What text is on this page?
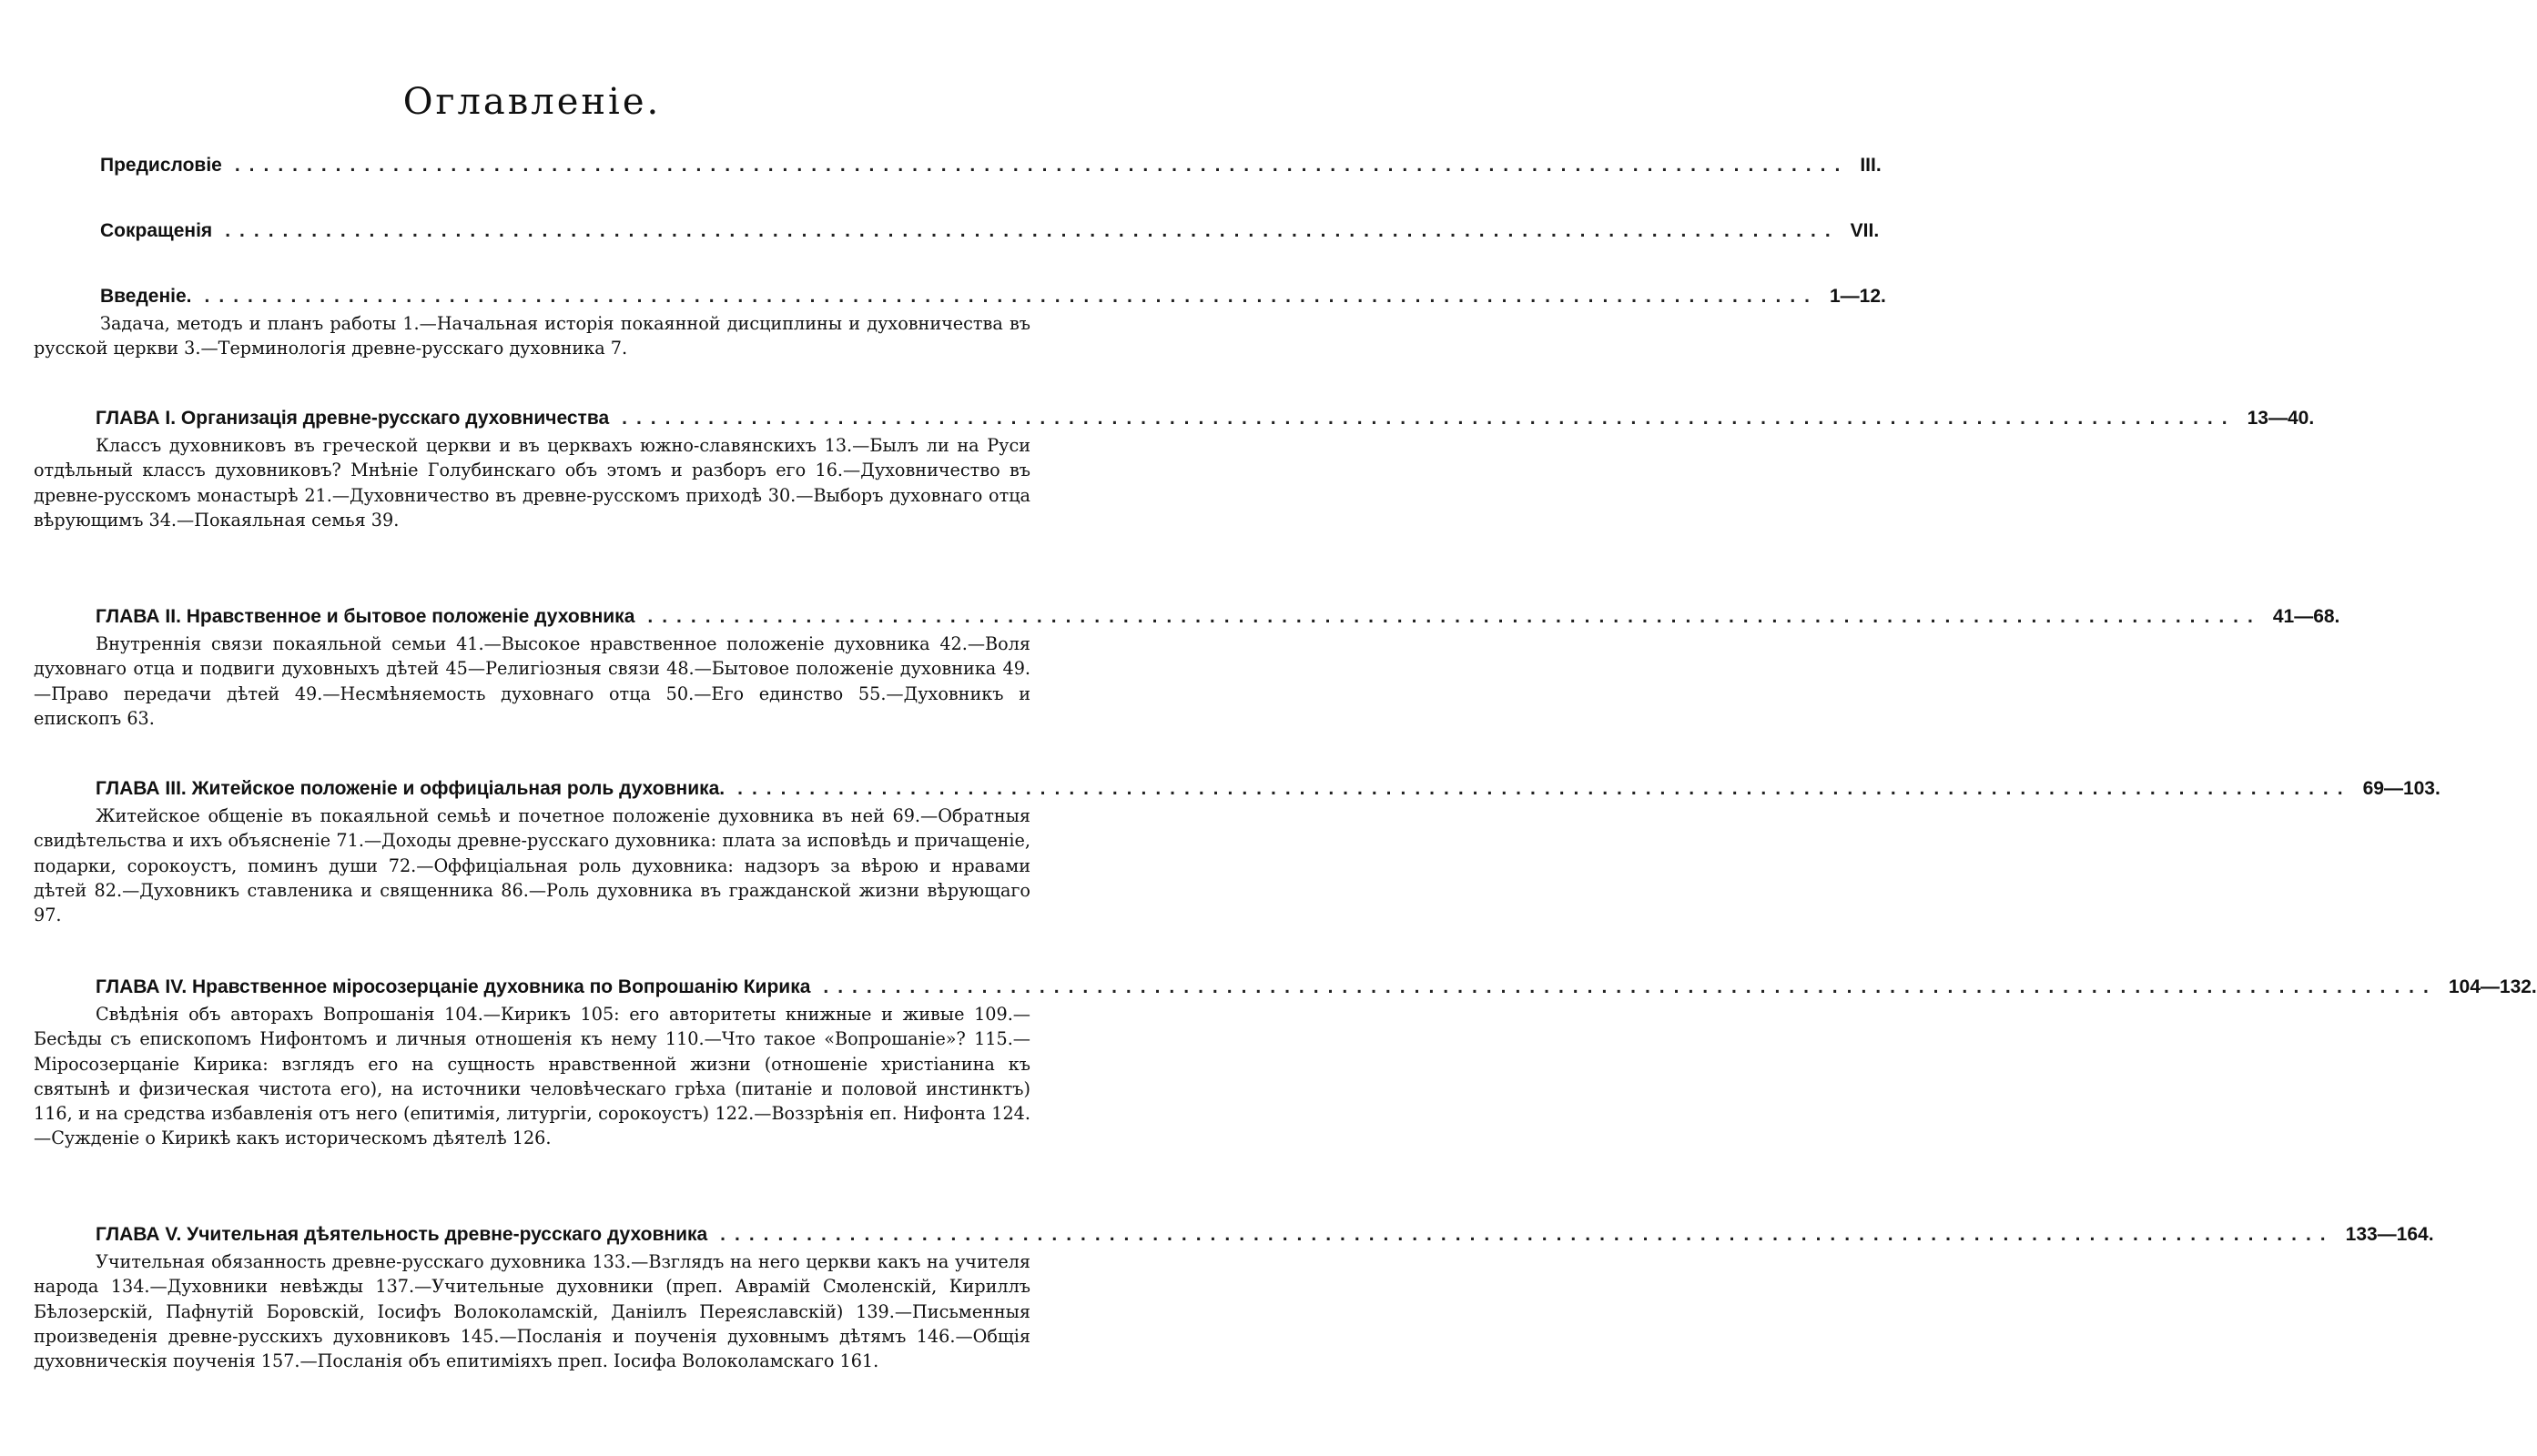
Оглавленіе.
Предисловіе ................................................................................................................ III.
Сокращенія ................................................................................................................ VII.
Введеніе. ................................................................................................................ 1—12.
Задача, методъ и планъ работы 1.—Начальная исторія покаянной дисциплины и духовничества въ русской церкви 3.—Терминологія древне-русскаго духовника 7.
ГЛАВА I. Организація древне-русскаго духовничества ................................................................................................................ 13—40.
Классъ духовниковъ въ греческой церкви и въ церквахъ южно-славянскихъ 13.—Былъ ли на Руси отдѣльный классъ духовниковъ? Мнѣніе Голубинскаго объ этомъ и разборъ его 16.—Духовничество въ древне-русскомъ монастырѣ 21.—Духовничество въ древне-русскомъ приходѣ 30.—Выборъ духовнаго отца вѣрующимъ 34.—Покаяльная семья 39.
ГЛАВА II. Нравственное и бытовое положеніе духовника ................................................................................................................ 41—68.
Внутреннія связи покаяльной семьи 41.—Высокое нравственное положеніе духовника 42.—Воля духовнаго отца и подвиги духовныхъ дѣтей 45—Религіозныя связи 48.—Бытовое положеніе духовника 49.—Право передачи дѣтей 49.—Несмѣняемость духовнаго отца 50.—Его единство 55.—Духовникъ и епископъ 63.
ГЛАВА III. Житейское положеніе и оффиціальная роль духовника. ................................................................................................................ 69—103.
Житейское общеніе въ покаяльной семьѣ и почетное положеніе духовника въ ней 69.—Обратныя свидѣтельства и ихъ объясненіе 71.—Доходы древне-русскаго духовника: плата за исповѣдь и причащеніе, подарки, сорокоустъ, поминъ души 72.—Оффиціальная роль духовника: надзоръ за вѣрою и нравами дѣтей 82.—Духовникъ ставленика и священника 86.—Роль духовника въ гражданской жизни вѣрующаго 97.
ГЛАВА IV. Нравственное міросозерцаніе духовника по Вопрошанію Кирика ................................................................................................................ 104—132.
Свѣдѣнія объ авторахъ Вопрошанія 104.—Кирикъ 105: его авторитеты книжные и живые 109.—Бесѣды съ епископомъ Нифонтомъ и личныя отношенія къ нему 110.—Что такое «Вопрошаніе»? 115.—Міросозерцаніе Кирика: взглядъ его на сущность нравственной жизни (отношеніе христіанина къ святынѣ и физическая чистота его), на источники человѣческаго грѣха (питаніе и половой инстинктъ) 116, и на средства избавленія отъ него (епитимія, литургіи, сорокоустъ) 122.—Воззрѣнія еп. Нифонта 124.—Сужденіе о Кирикѣ какъ историческомъ дѣятелѣ 126.
ГЛАВА V. Учительная дѣятельность древне-русскаго духовника ................................................................................................................ 133—164.
Учительная обязанность древне-русскаго духовника 133.—Взглядъ на него церкви какъ на учителя народа 134.—Духовники невѣжды 137.—Учительные духовники (преп. Аврамій Смоленскій, Кириллъ Бѣлозерскій, Пафнутій Боровскій, Іосифъ Волоколамскій, Даніилъ Переяславскій) 139.—Письменныя произведенія древне-русскихъ духовниковъ 145.—Посланія и поученія духовнымъ дѣтямъ 146.—Общія духовническія поученія 157.—Посланія объ епитиміяхъ преп. Іосифа Волоколамскаго 161.
